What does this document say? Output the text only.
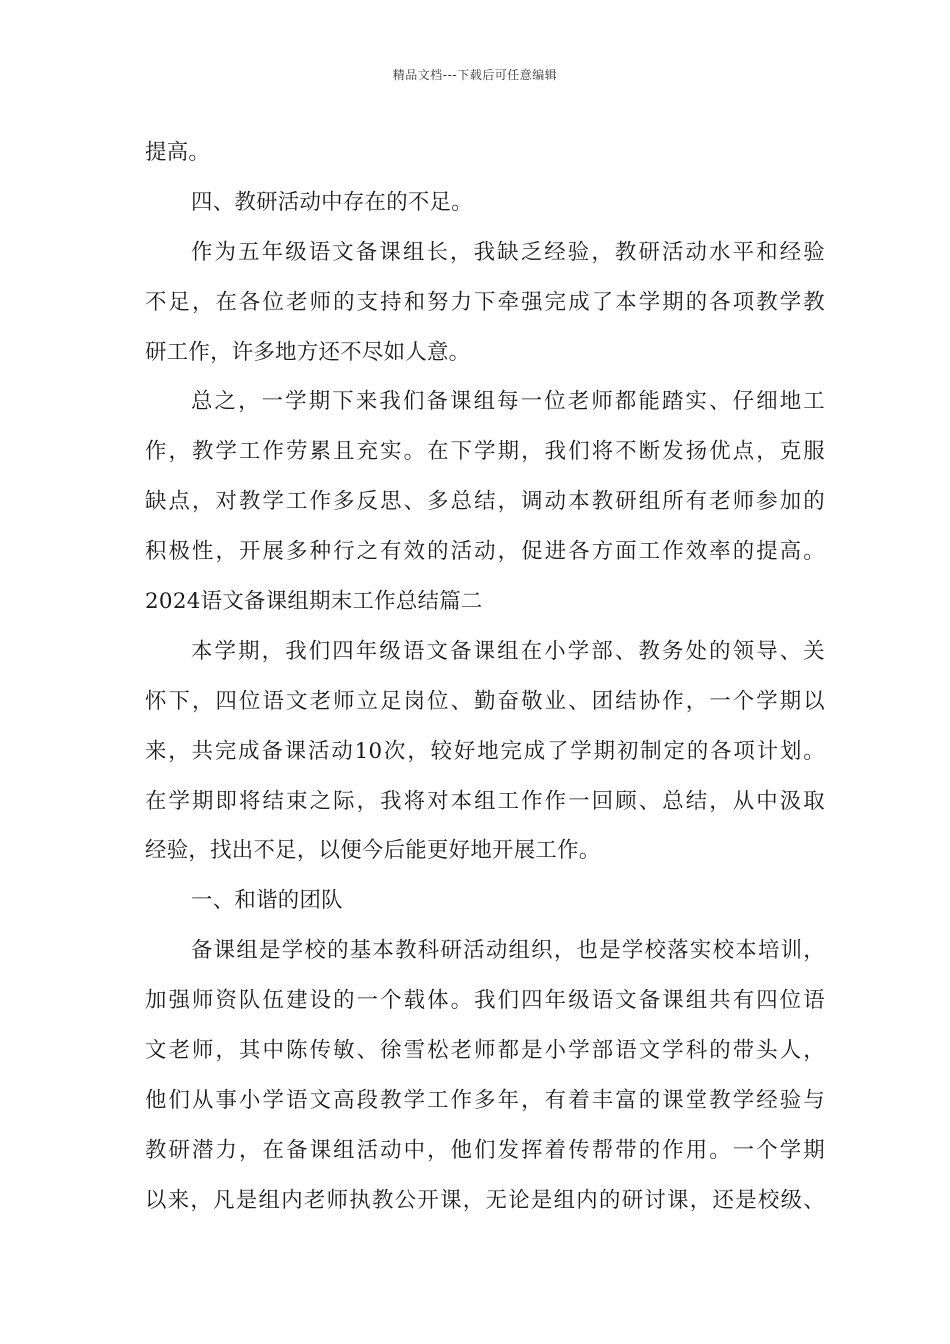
精品文档---下载后可任意编辑
提高。
四、教研活动中存在的不足。
作为五年级语文备课组长，我缺乏经验，教研活动水平和经验
不足，在各位老师的支持和努力下牵强完成了本学期的各项教学教
研工作，许多地方还不尽如人意。
总之，一学期下来我们备课组每一位老师都能踏实、仔细地工
作，教学工作劳累且充实。在下学期，我们将不断发扬优点，克服
缺点，对教学工作多反思、多总结，调动本教研组所有老师参加的
积极性，开展多种行之有效的活动，促进各方面工作效率的提高。
2024语文备课组期末工作总结篇二
本学期，我们四年级语文备课组在小学部、教务处的领导、关
怀下，四位语文老师立足岗位、勤奋敬业、团结协作，一个学期以
来，共完成备课活动10次，较好地完成了学期初制定的各项计划。
在学期即将结束之际，我将对本组工作作一回顾、总结，从中汲取
经验，找出不足，以便今后能更好地开展工作。
一、和谐的团队
备课组是学校的基本教科研活动组织，也是学校落实校本培训，
加强师资队伍建设的一个载体。我们四年级语文备课组共有四位语
文老师，其中陈传敏、徐雪松老师都是小学部语文学科的带头人，
他们从事小学语文高段教学工作多年，有着丰富的课堂教学经验与
教研潜力，在备课组活动中，他们发挥着传帮带的作用。一个学期
以来，凡是组内老师执教公开课，无论是组内的研讨课，还是校级、
